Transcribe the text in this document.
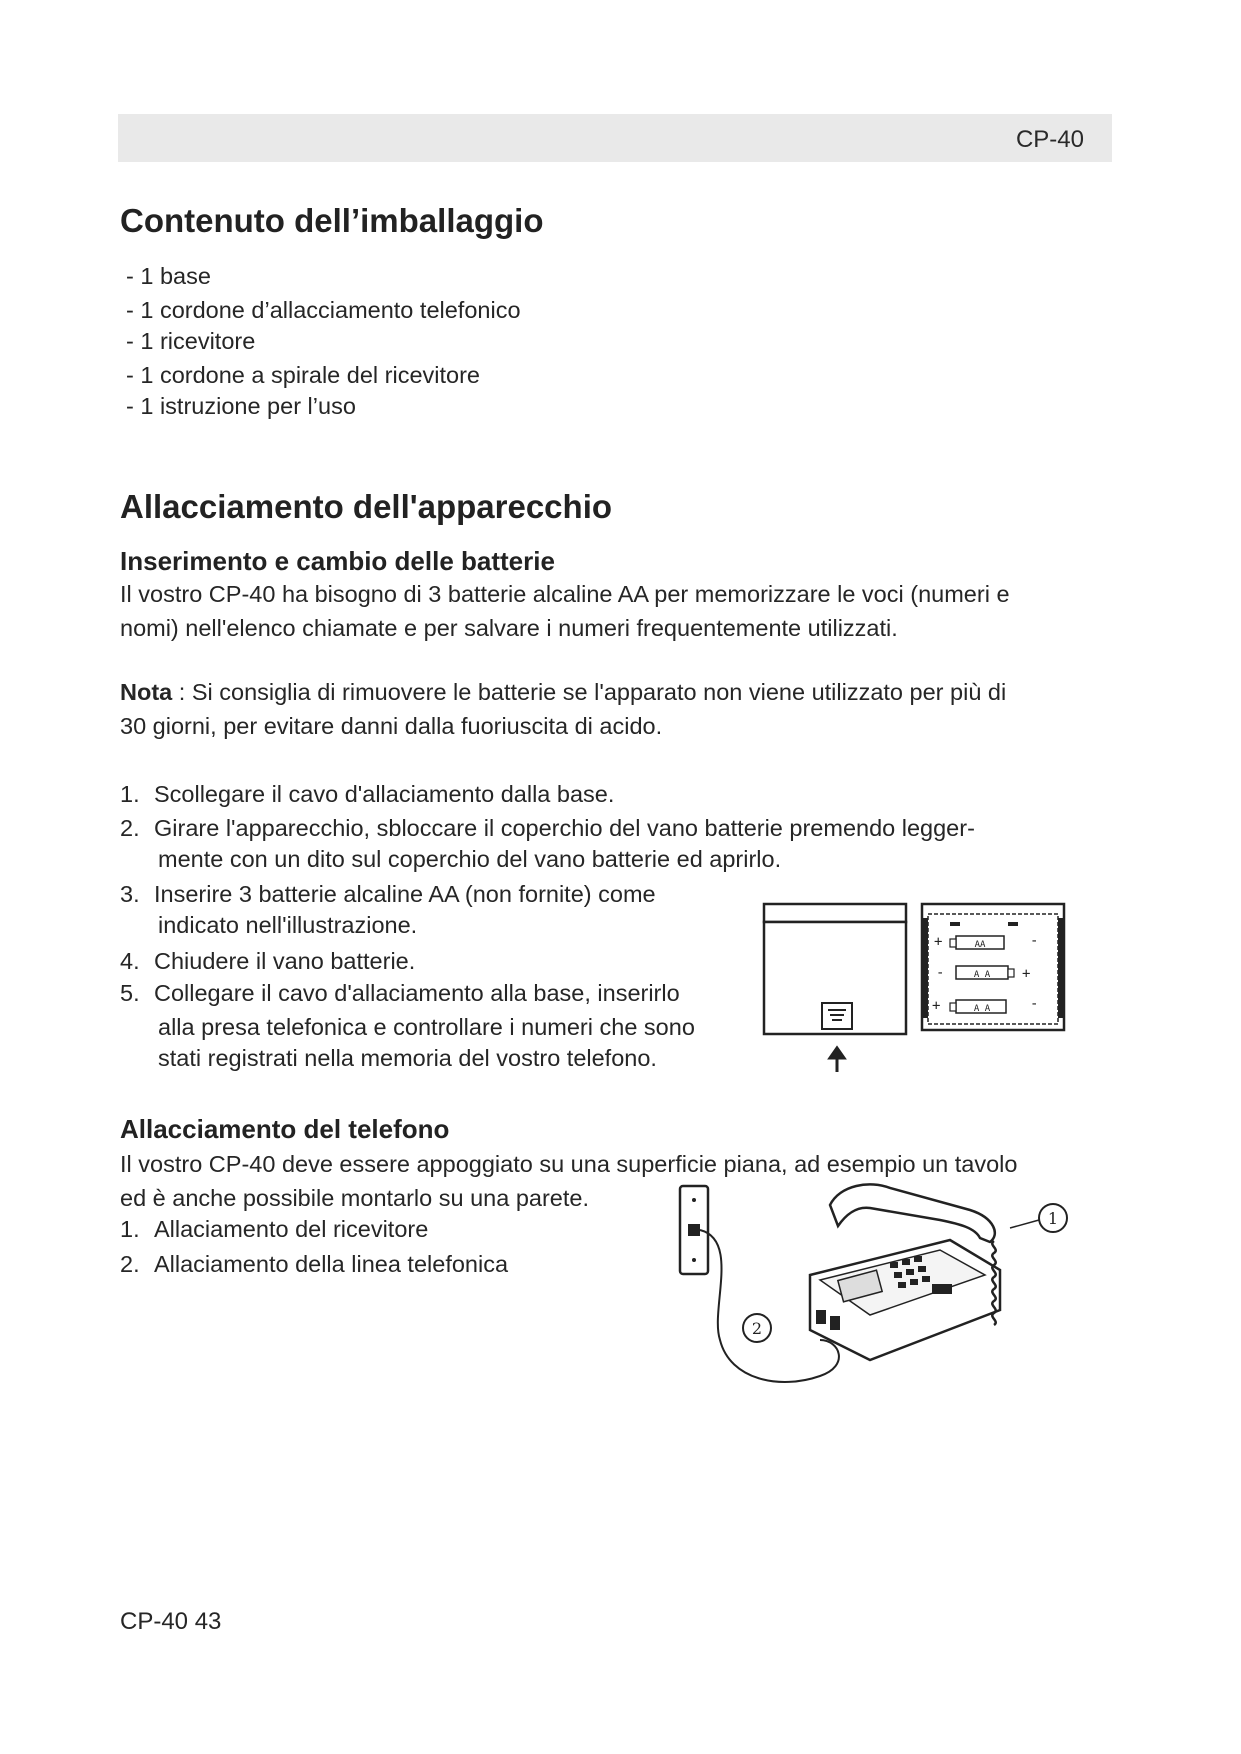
CP-40
Contenuto dell’imballaggio
- 1 base
- 1 cordone d’allacciamento telefonico
- 1 ricevitore
- 1 cordone a spirale del ricevitore
- 1 istruzione per l’uso
Allacciamento dell'apparecchio
Inserimento e cambio delle batterie
Il vostro CP-40 ha bisogno di 3 batterie alcaline AA per memorizzare le voci (numeri e
nomi) nell'elenco chiamate e per salvare i numeri frequentemente utilizzati.
Nota : Si consiglia di rimuovere le batterie se l'apparato non viene utilizzato per più di
30 giorni, per evitare danni dalla fuoriuscita di acido.
1. Scollegare il cavo d'allaciamento dalla base.
2. Girare l'apparecchio, sbloccare il coperchio del vano batterie premendo legger-
mente con un dito sul coperchio del vano batterie ed aprirlo.
3. Inserire 3 batterie alcaline AA (non fornite) come
indicato nell'illustrazione.
4. Chiudere il vano batterie.
5. Collegare il cavo d'allaciamento alla base, inserirlo
alla presa telefonica e controllare i numeri che sono
stati registrati nella memoria del vostro telefono.
+	AA	-
-	A A +
+	A A	-
Allacciamento del telefono
Il vostro CP-40 deve essere appoggiato su una superficie piana, ad esempio un tavolo
ed è anche possibile montarlo su una parete.
1. Allaciamento del ricevitore
2. Allaciamento della linea telefonica
2
1
CP-40 43
